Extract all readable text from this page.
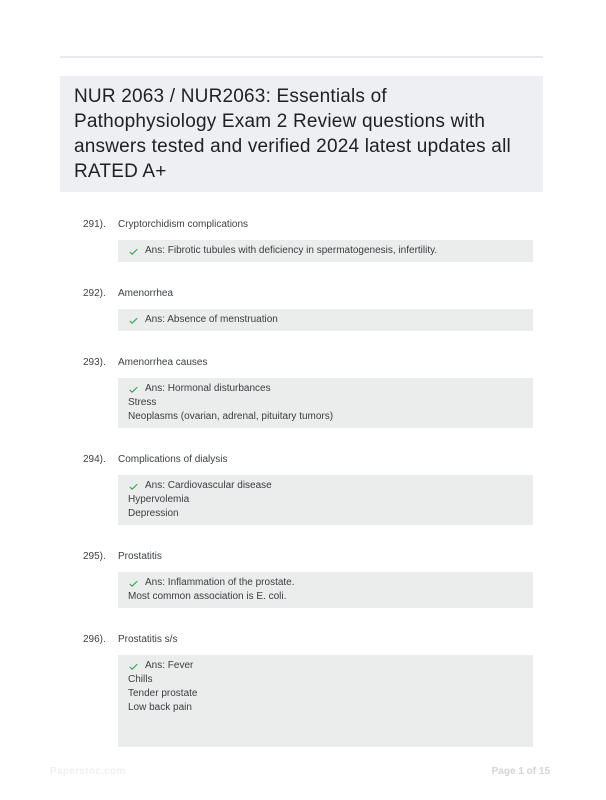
NUR 2063 / NUR2063: Essentials of Pathophysiology Exam 2 Review questions with answers tested and verified 2024 latest updates all RATED A+
291).	Cryptorchidism complications
Ans: Fibrotic tubules with deficiency in spermatogenesis, infertility.
292).	Amenorrhea
Ans: Absence of menstruation
293).	Amenorrhea causes
Ans: Hormonal disturbances
Stress
Neoplasms (ovarian, adrenal, pituitary tumors)
294).	Complications of dialysis
Ans: Cardiovascular disease
Hypervolemia
Depression
295).	Prostatitis
Ans: Inflammation of the prostate.
Most common association is E. coli.
296).	Prostatitis s/s
Ans: Fever
Chills
Tender prostate
Low back pain
Paperstoc.com	Page 1 of 15
